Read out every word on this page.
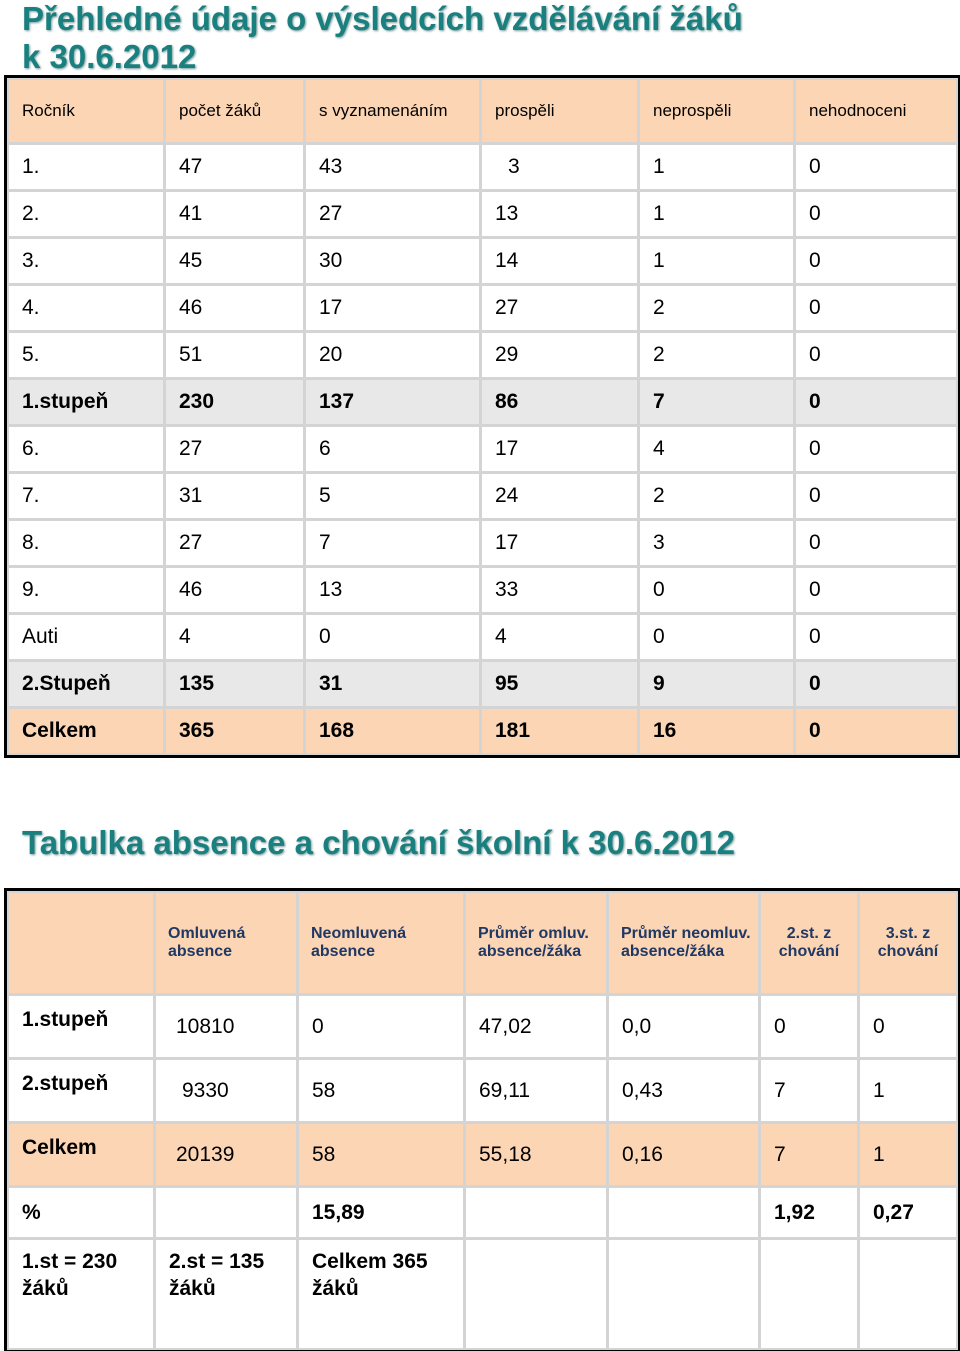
Přehledné údaje o výsledcích vzdělávání žáků
k 30.6.2012
Ročník	počet žáků	s vyznamenáním	prospěli	neprospěli	nehodnoceni
1.	47	43	3	1	0
2.	41	27	13	1	0
3.	45	30	14	1	0
4.	46	17	27	2	0
5.	51	20	29	2	0
1.stupeň	230	137	86	7	0
6.	27	6	17	4	0
7.	31	5	24	2	0
8.	27	7	17	3	0
9.	46	13	33	0	0
Auti	4	0	4	0	0
2.Stupeň	135	31	95	9	0
Celkem	365	168	181	16	0
Tabulka absence a chování školní k 30.6.2012
	Omluvená absence	Neomluvená absence	Průměr omluv. absence/žáka	Průměr neomluv. absence/žáka	2.st. z chování	3.st. z chování
1.stupeň	10810	0	47,02	0,0	0	0
2.stupeň	9330	58	69,11	0,43	7	1
Celkem	20139	58	55,18	0,16	7	1
%		15,89			1,92	0,27
1.st = 230 žáků	2.st = 135 žáků	Celkem 365 žáků				
